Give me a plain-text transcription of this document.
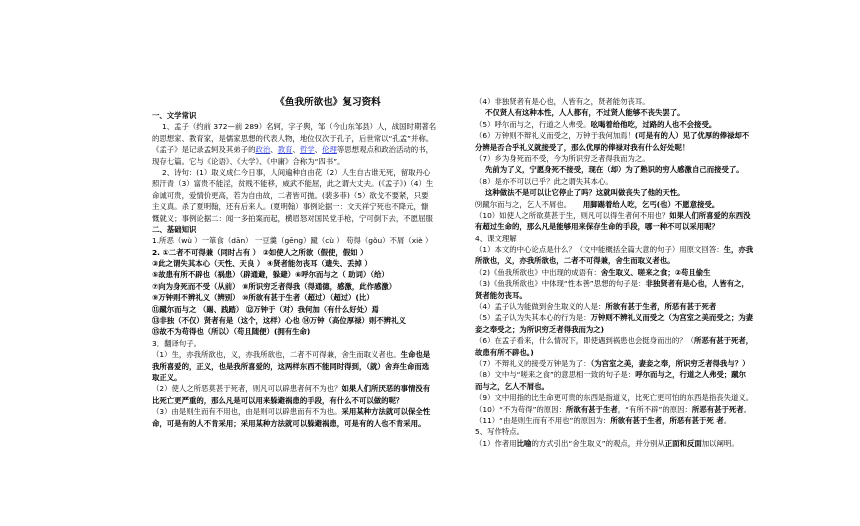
《鱼我所欲也》复习资料
一、文学常识
1、孟子（约前 372—前 289）名轲，字子舆，邹（今山东邹县）人，战国时期著名
的思想家、教育家，是儒家思想的代表人物，地位仅次于孔子，后世常以“孔孟”并称。
《孟子》是记录孟轲及其弟子的政治、教育、哲学、伦理等思想观点和政治活动的书，
现存七篇。它与《论语》、《大学》、《中庸》合称为“四书”。
2、诗句：(1）取义成仁今日事，人间遍种自由花（2）人生自古谁无死，留取丹心
照汗青（3）富贵不能淫，贫贱不能移，威武不能屈，此之谓大丈夫。(《孟子》)（4）生
命诚可贵，爱情价更高，若为自由故，二者皆可抛。(裴多菲)（5）欲戈不要紧，只要
主义真。杀了夏明翰，还有后来人。(夏明翰）事例论据一：文天祥宁死也不降元，慷
慨就义；事例论据二：闻一多拍案而起，横眉怒对国民党手枪，宁可倒下去，不愿屈服
二、基础知识
1.所恶（wù ）一箪食（dān） 一豆羹（gēng）蹴（cù ） 苟得（gǒu）不屑（xiè ）
2. ①二者不可得兼（同时占有 ） ②如使人之所欲（假使，假如 ）
③此之谓失其本心（天性、天良 ） ④贤者能勿丧耳（遗失、丢掉 ）
⑤故患有所不辟也（祸患）（辟通避，躲避）⑥呼尔而与之（ 助词）（给）
⑦向为身死而不受（从前） ⑧所识穷乏者得我（得通德，感激，此作感激）
⑨万钟则不辨礼义（辨别） ⑩所欲有甚于生者（超过）（超过）(比）
⑪蹴尔而与之 （踢、践踏） ⑫万钟于（对）我何加（有什么好处）焉
⑬非独（不仅）贤者有是（这个，这样）心也 ⑭万钟（高位厚禄）则不辨礼义
⑮故不为苟得也（所以）（苟且随便）(拥有生命)
3．翻译句子。
（1）生，亦我所欲也，义，亦我所欲也，二者不可得兼，舍生而取义者也。生命也是
我所喜爱的，正义，也是我所喜爱的，这两样东西不能同时得到，（就）舍弃生命而选
取正义。
（2）使人之所恶莫甚于死者，则凡可以辟患者何不为也？如果人们所厌恶的事情没有
比死亡更严重的，那么凡是可以用来躲避祸患的手段，有什么不可以做的呢？
（3）由是则生而有不用也，由是则可以辟患而有不为也。采用某种方法就可以保全性
命，可是有的人不肯采用；采用某种方法就可以躲避祸患，可是有的人也不肯采用。
（4）非独贤者有是心也，人皆有之，贤者能勿丧耳。
不仅贤人有这种本性，人人都有，不过贤人能够不丧失罢了。
（5）呼尔而与之，行道之人弗受。吆喝着给他吃，过路的人也不会接受。
（6）万钟则不辩礼义而受之，万钟于我何加焉！(可是有的人）见了优厚的俸禄却不
分辨是否合乎礼义就接受了，那么优厚的俸禄对我有什么好处呢！
（7）乡为身死而不受，今为所识穷乏者得我而为之。
先前为了义，宁愿身死不接受，现在（却）为了熟识的穷人感激自己而接受了。
（8）是亦不可以已乎？此之谓失其本心。
这种做法不是可以让它停止了吗？这就叫做丧失了他的天性。
⑼蹴尔而与之，乞人不屑也。 用脚踢着给人吃，乞丐(也）不愿意接受。
（10）如使人之所欲莫甚于生，则凡可以得生者何不用也？如果人们所喜爱的东西没
有超过生命的，那么凡是能够用来保存生命的手段，哪一种不可以采用呢？
4、课文理解
（1）本文的中心论点是什么？（文中能概括全篇大意的句子）用原文回答：生，亦我
所欲也，义，亦我所欲也，二者不可得兼，舍生而取义者也。
（2)《鱼我所欲也》中出现的成语有：舍生取义、嗟来之食；②苟且偷生
（3)《鱼我所欲也》中体现“性本善”思想的句子是：非独贤者有是心也，人皆有之，
贤者能勿丧耳。
（4）孟子认为能做到舍生取义的人是：所欲有甚于生者，所恶有甚于死者
（5）孟子认为失其本心的行为是：万钟则不辨礼义而受之（为宫室之美而受之；为妻
妾之奉受之；为所识穷乏者得我而为之)
（6）在孟子看来，什么情况下，即使遇到祸患也会挺身而出的？（所恶有甚于死者，
故患有所不辟也。)
（7）不辩礼义的接受万钟是为了：（为宫室之美，妻妾之奉，所识穷乏者得我与？）
（8）文中与“嗟来之食”的意思相一致的句子是：呼尔而与之，行道之人弗受；蹴尔
而与之，乞人不屑也。
（9）文中用指的比生命更可贵的东西是指道义，比死亡更可怕的东西是指丧失道义。
（10）“不为苟得”的原因：所欲有甚于生者，“有所不辟”的原因：所恶有甚于死者。
（11）“由是则生而有不用也”的原因为：所欲有甚于生者，所恶有甚于死 者。
5、写作特点。
（1）作者用比喻的方式引出“舍生取义”的观点，并分别从正面和反面加以阐明。
